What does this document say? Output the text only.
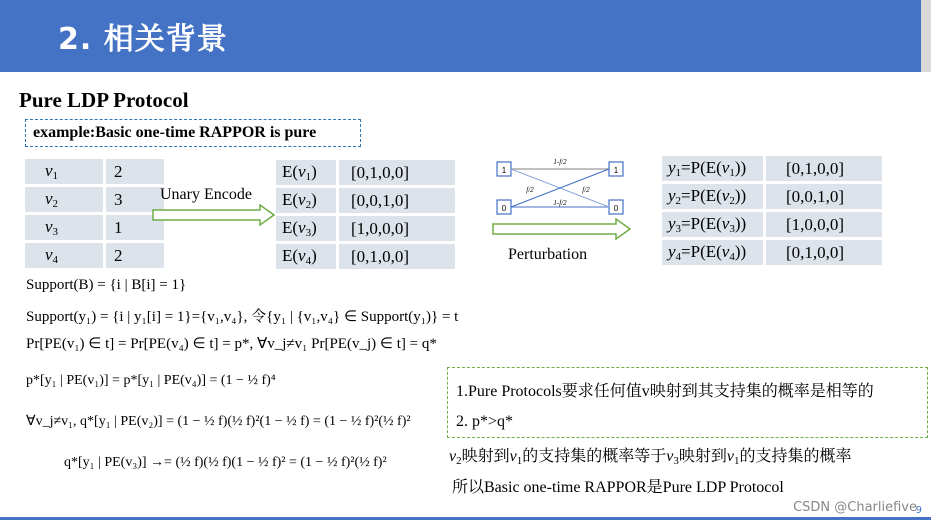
2. 相关背景
Pure LDP Protocol
example:Basic one-time RAPPOR is pure
$v_1$	2
$v_2$	3
$v_3$	1
$v_4$	2
Unary Encode
$E(v_1)$	[0,1,0,0]
$E(v_2)$	[0,0,1,0]
$E(v_3)$	[1,0,0,0]
$E(v_4)$	[0,1,0,0]
1
0
1
0
1-f/2
f/2	f/2
1-f/2
Perturbation
$y_1=P(E(v_1))$	[0,1,0,0]
$y_2=P(E(v_2))$	[0,0,1,0]
$y_3=P(E(v_3))$	[1,0,0,0]
$y_4=P(E(v_4))$	[0,1,0,0]
Support(B) = {i | B[i] = 1}
Support(y₁) = {i | y₁[i] = 1}={v₁,v₄}, 令{y₁ | {v₁,v₄} ∈ Support(y₁)} = t
Pr[PE(v₁) ∈ t] = Pr[PE(v₄) ∈ t] = p*, ∀v_j≠v₁ Pr[PE(v_j) ∈ t] = q*
p*[y₁ | PE(v₁)] = p*[y₁ | PE(v₄)] = (1 − ½ f)⁴
∀v_j≠v₁, q*[y₁ | PE(v₂)] = (1 − ½ f)(½ f)²(1 − ½ f) = (1 − ½ f)²(½ f)²
q*[y₁ | PE(v₃)] →= (½ f)(½ f)(1 − ½ f)² = (1 − ½ f)²(½ f)²
1.Pure Protocols要求任何值v映射到其支持集的概率是相等的
2. p*>q*
$v_2$映射到$v_1$的支持集的概率等于$v_3$映射到$v_1$的支持集的概率
所以Basic one-time RAPPOR是Pure LDP Protocol
CSDN @Charliefive
9
